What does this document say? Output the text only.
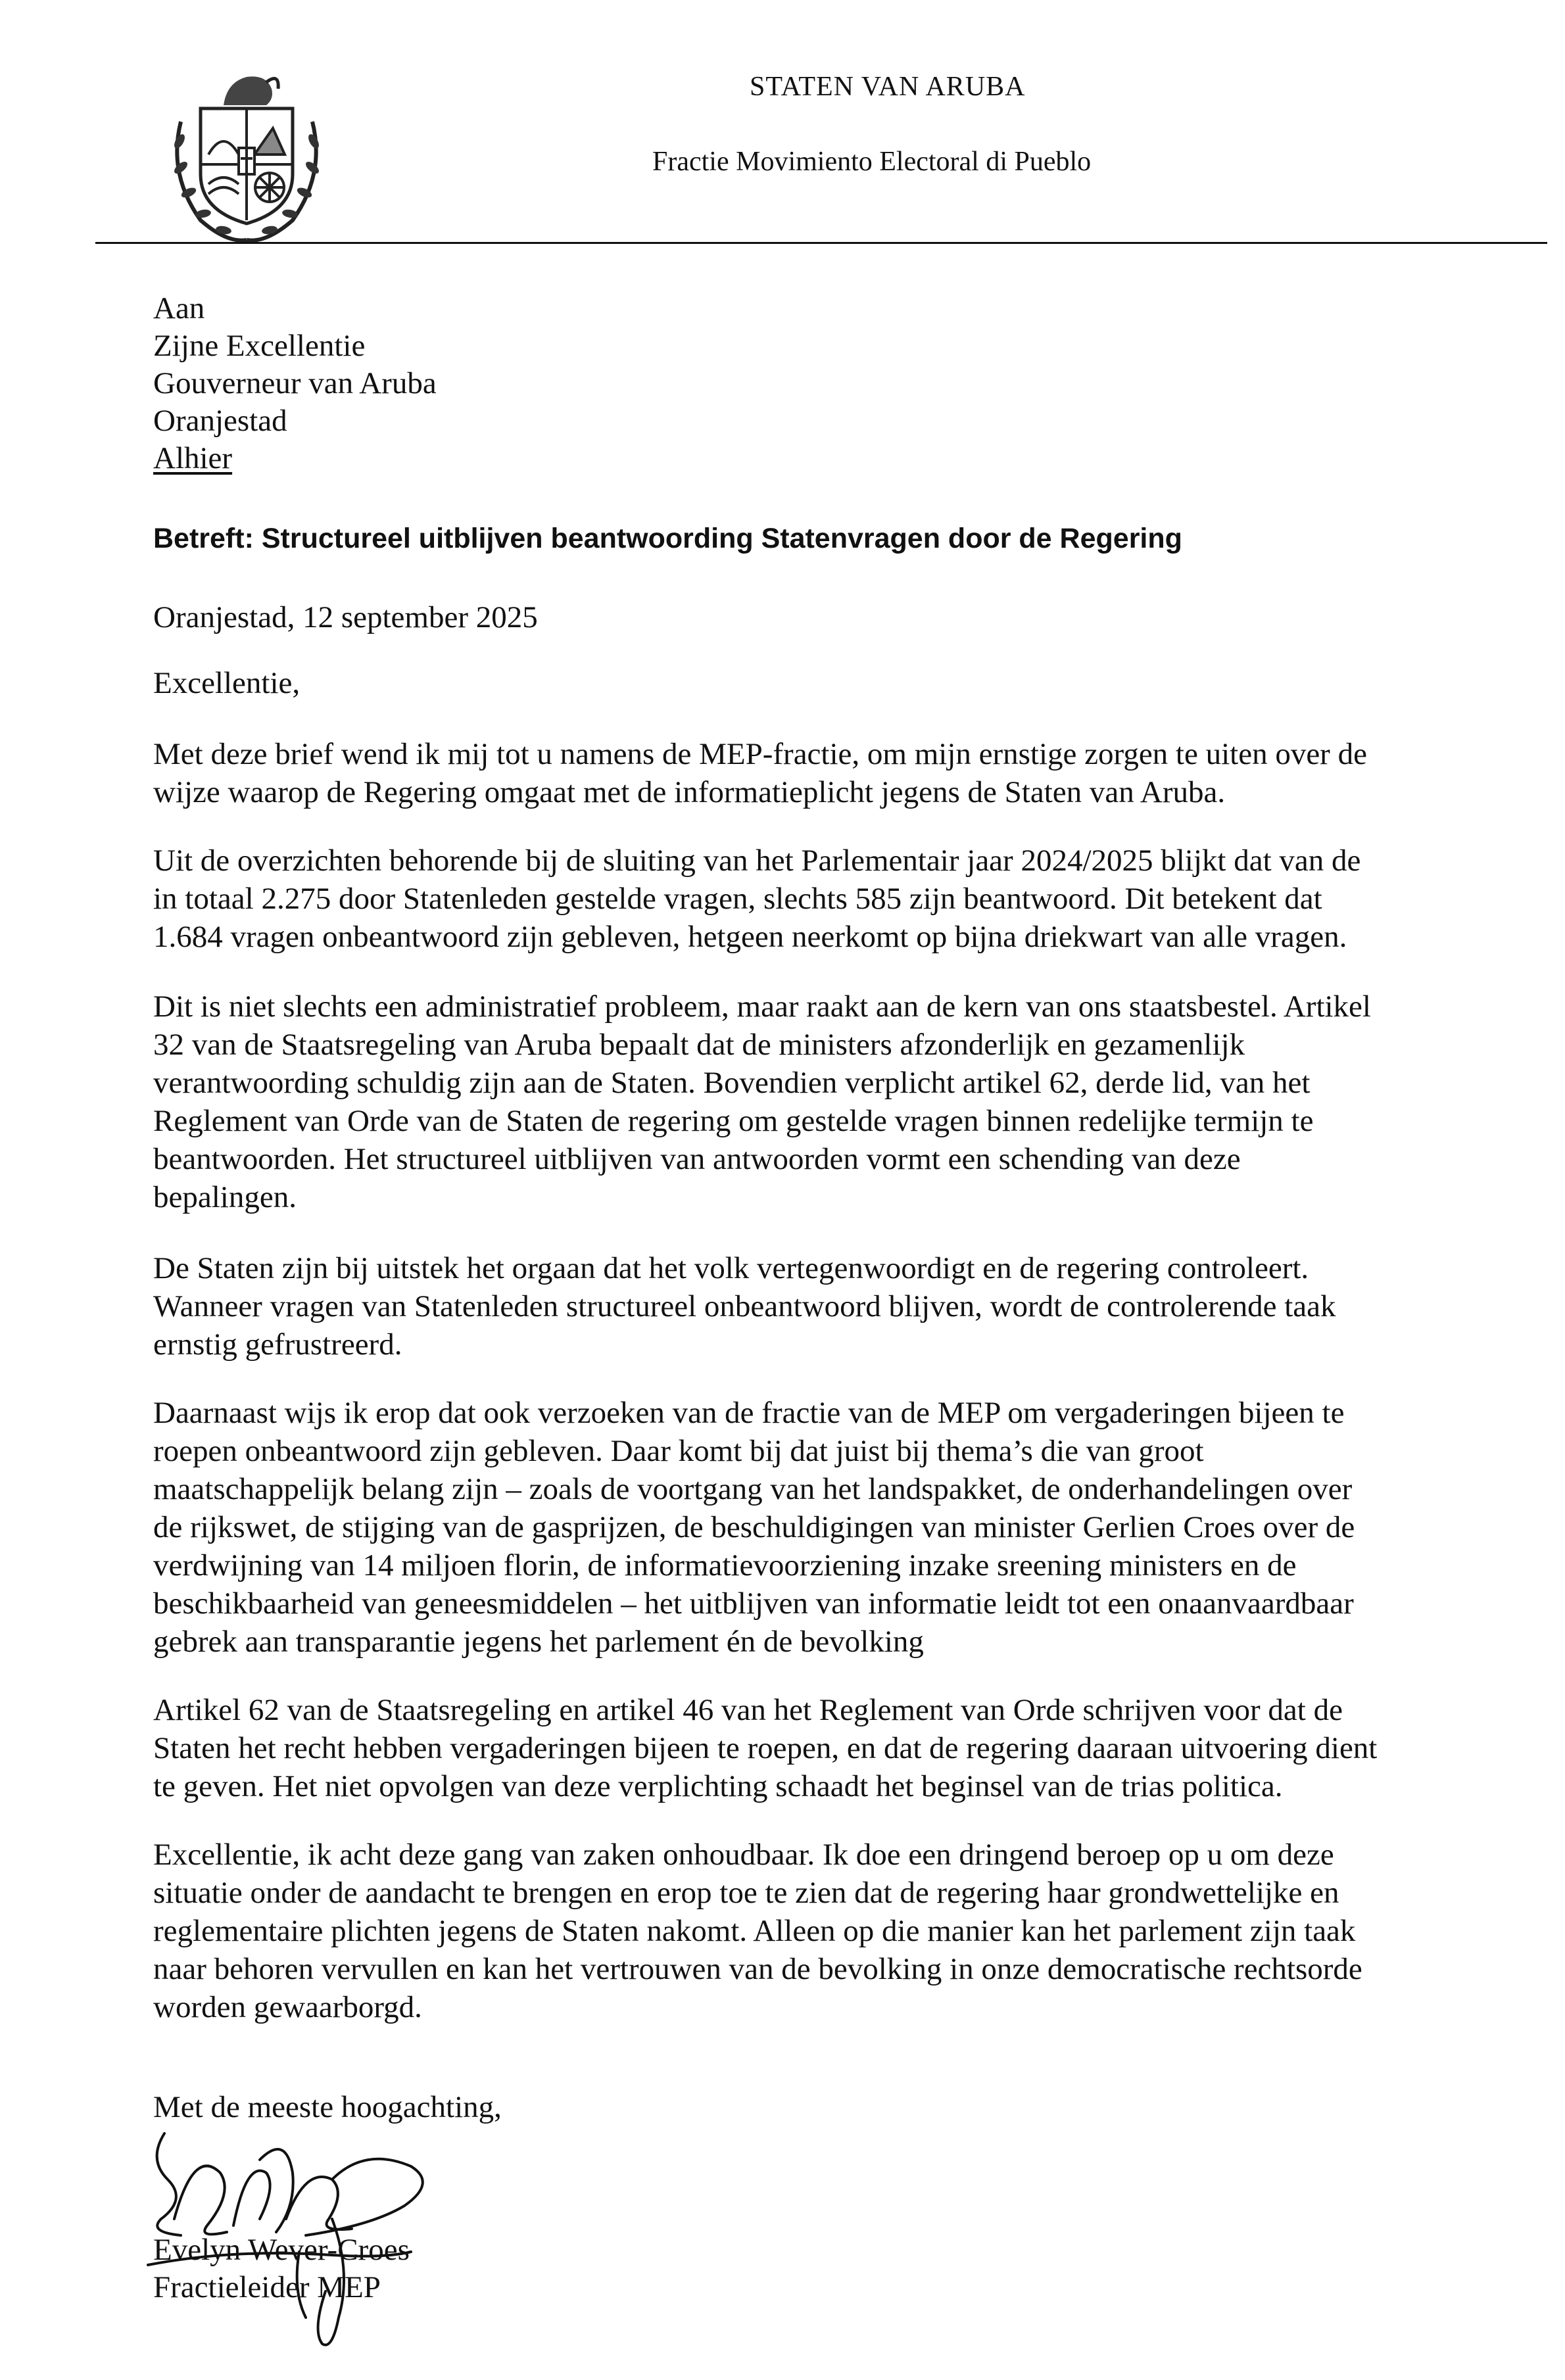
STATEN VAN ARUBA
Fractie Movimiento Electoral di Pueblo
Aan
Zijne Excellentie
Gouverneur van Aruba
Oranjestad
Alhier
Betreft: Structureel uitblijven beantwoording Statenvragen door de Regering
Oranjestad, 12 september 2025
Excellentie,
Met deze brief wend ik mij tot u namens de MEP-fractie, om mijn ernstige zorgen te uiten over de
wijze waarop de Regering omgaat met de informatieplicht jegens de Staten van Aruba.
Uit de overzichten behorende bij de sluiting van het Parlementair jaar 2024/2025 blijkt dat van de
in totaal 2.275 door Statenleden gestelde vragen, slechts 585 zijn beantwoord. Dit betekent dat
1.684 vragen onbeantwoord zijn gebleven, hetgeen neerkomt op bijna driekwart van alle vragen.
Dit is niet slechts een administratief probleem, maar raakt aan de kern van ons staatsbestel. Artikel
32 van de Staatsregeling van Aruba bepaalt dat de ministers afzonderlijk en gezamenlijk
verantwoording schuldig zijn aan de Staten. Bovendien verplicht artikel 62, derde lid, van het
Reglement van Orde van de Staten de regering om gestelde vragen binnen redelijke termijn te
beantwoorden. Het structureel uitblijven van antwoorden vormt een schending van deze
bepalingen.
De Staten zijn bij uitstek het orgaan dat het volk vertegenwoordigt en de regering controleert.
Wanneer vragen van Statenleden structureel onbeantwoord blijven, wordt de controlerende taak
ernstig gefrustreerd.
Daarnaast wijs ik erop dat ook verzoeken van de fractie van de MEP om vergaderingen bijeen te
roepen onbeantwoord zijn gebleven. Daar komt bij dat juist bij thema’s die van groot
maatschappelijk belang zijn – zoals de voortgang van het landspakket, de onderhandelingen over
de rijkswet, de stijging van de gasprijzen, de beschuldigingen van minister Gerlien Croes over de
verdwijning van 14 miljoen florin, de informatievoorziening inzake sreening ministers en de
beschikbaarheid van geneesmiddelen – het uitblijven van informatie leidt tot een onaanvaardbaar
gebrek aan transparantie jegens het parlement én de bevolking
Artikel 62 van de Staatsregeling en artikel 46 van het Reglement van Orde schrijven voor dat de
Staten het recht hebben vergaderingen bijeen te roepen, en dat de regering daaraan uitvoering dient
te geven. Het niet opvolgen van deze verplichting schaadt het beginsel van de trias politica.
Excellentie, ik acht deze gang van zaken onhoudbaar. Ik doe een dringend beroep op u om deze
situatie onder de aandacht te brengen en erop toe te zien dat de regering haar grondwettelijke en
reglementaire plichten jegens de Staten nakomt. Alleen op die manier kan het parlement zijn taak
naar behoren vervullen en kan het vertrouwen van de bevolking in onze democratische rechtsorde
worden gewaarborgd.
Met de meeste hoogachting,
Evelyn Wever-Croes
Fractieleider MEP
